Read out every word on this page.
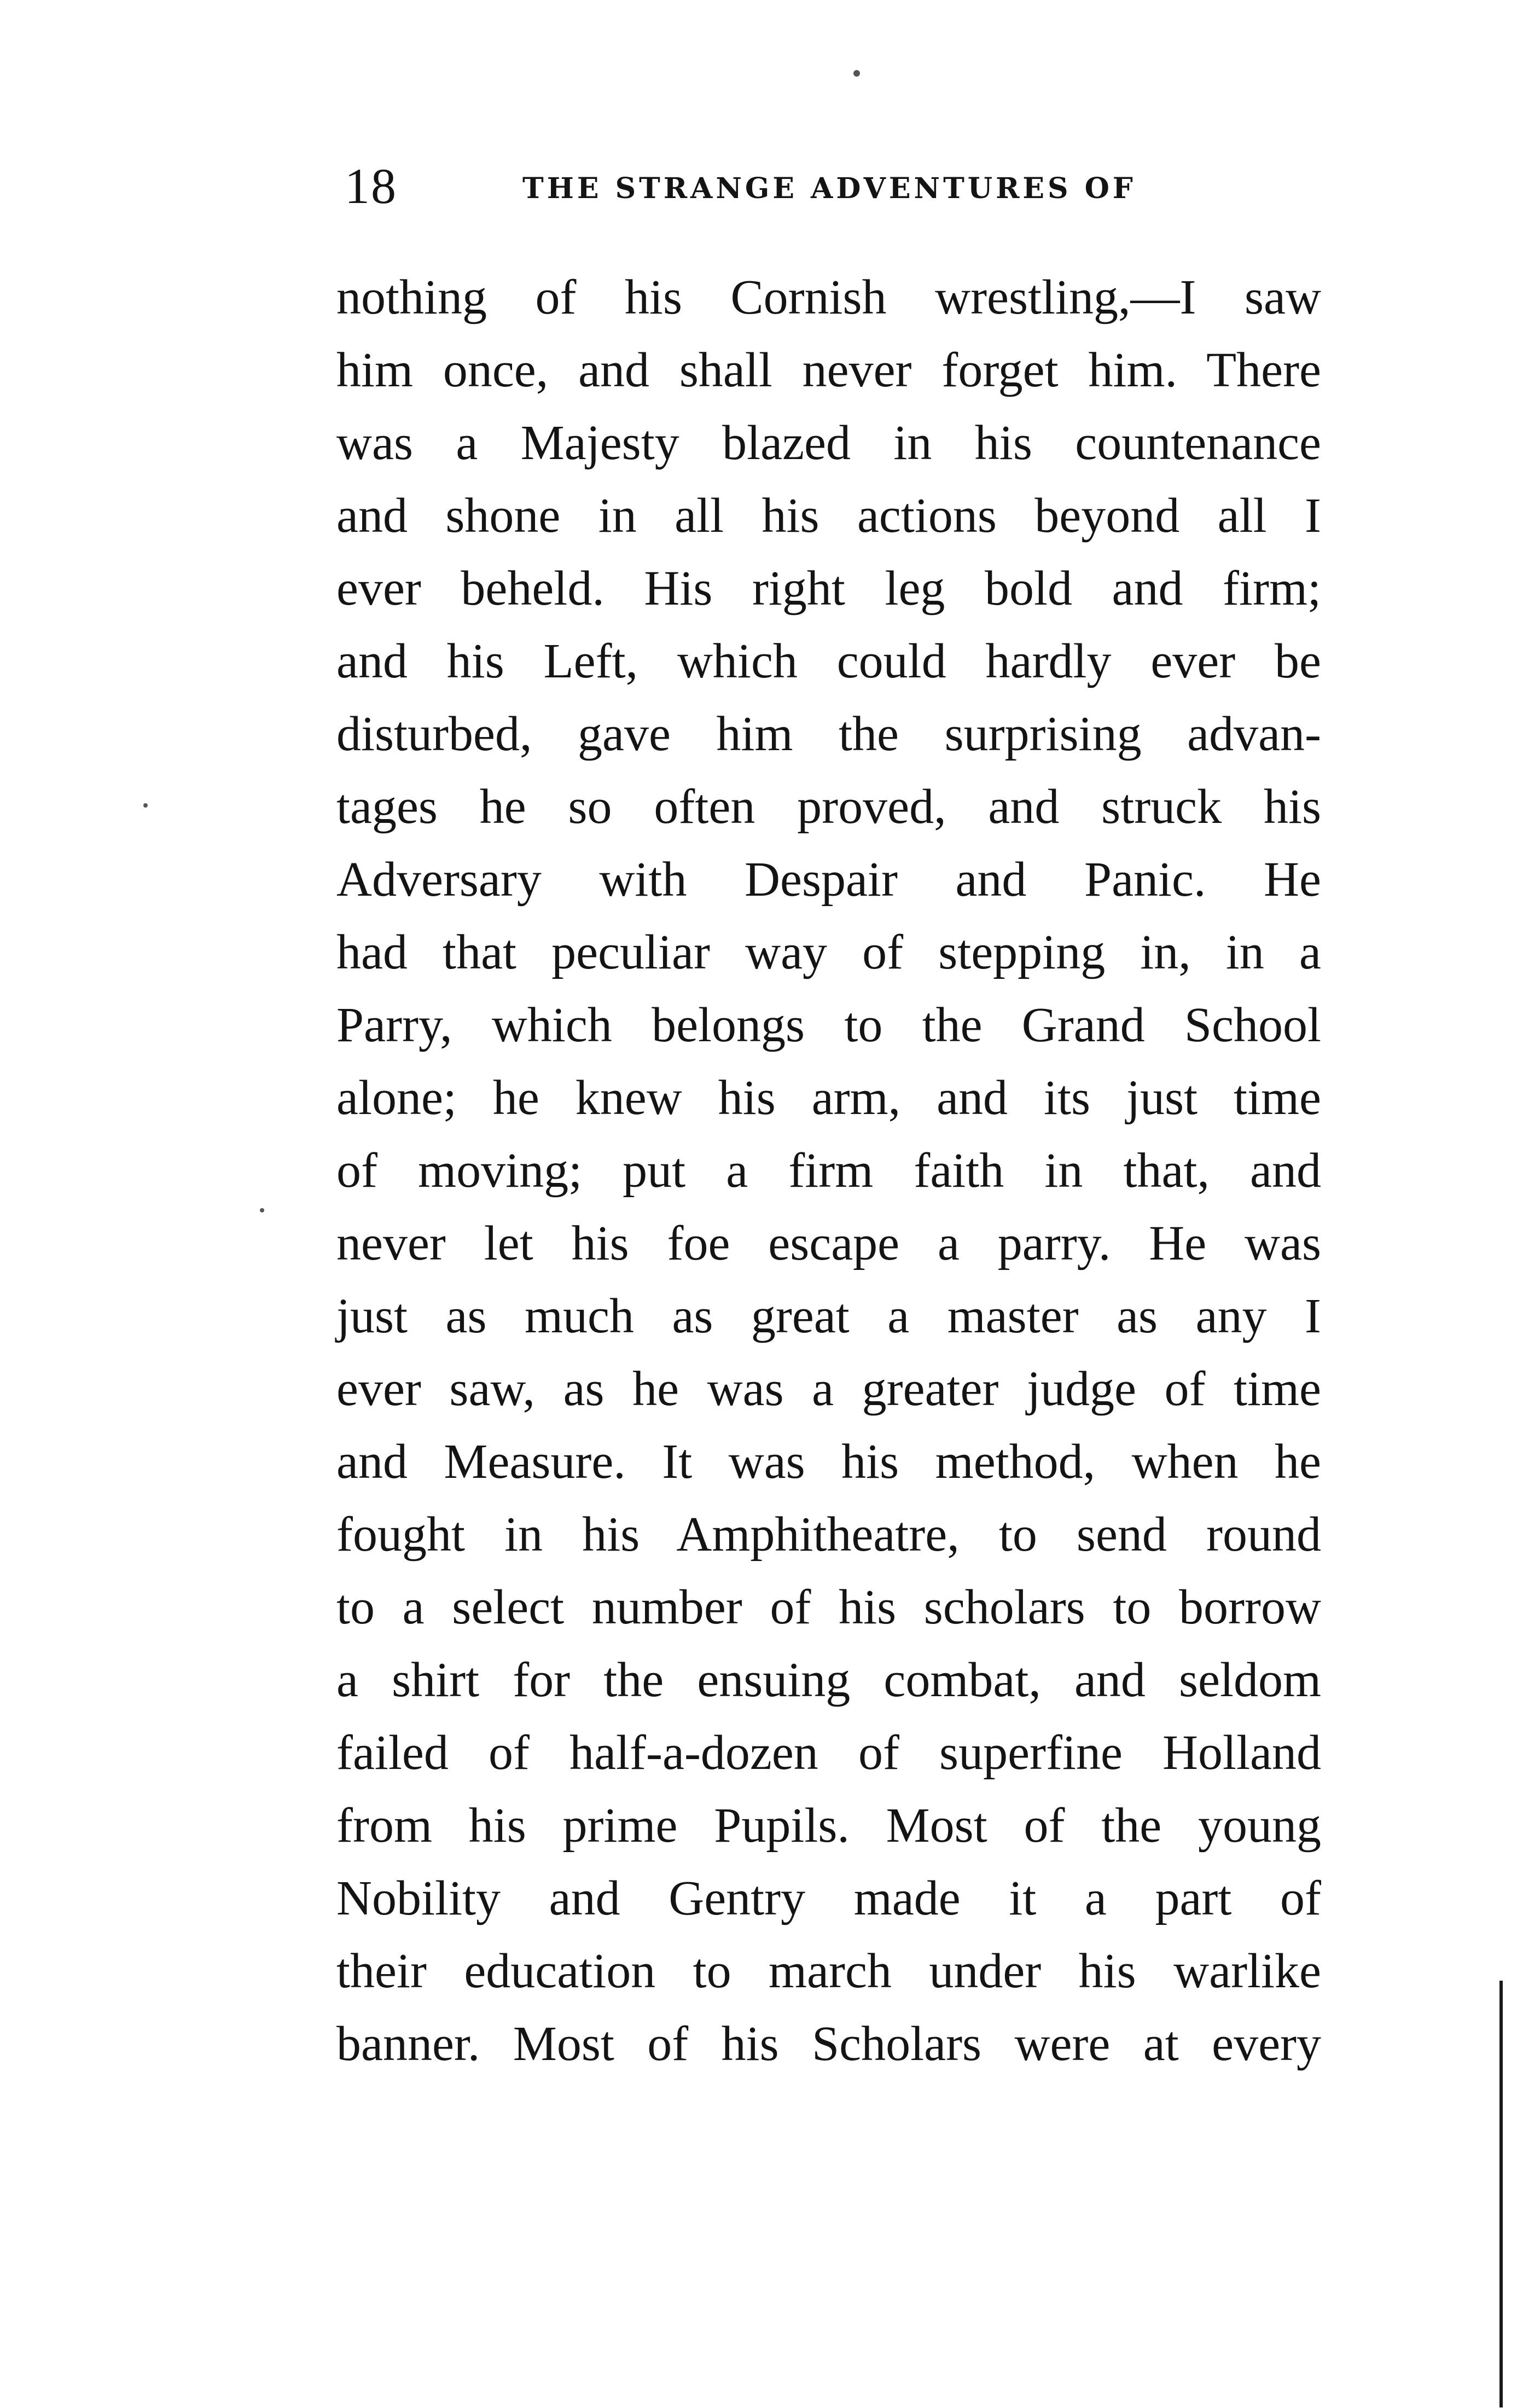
18	THE STRANGE ADVENTURES OF
nothing of his Cornish wrestling,—I saw
him once, and shall never forget him. There
was a Majesty blazed in his countenance
and shone in all his actions beyond all I
ever beheld. His right leg bold and firm;
and his Left, which could hardly ever be
disturbed, gave him the surprising advan-
tages he so often proved, and struck his
Adversary with Despair and Panic. He
had that peculiar way of stepping in, in a
Parry, which belongs to the Grand School
alone; he knew his arm, and its just time
of moving; put a firm faith in that, and
never let his foe escape a parry. He was
just as much as great a master as any I
ever saw, as he was a greater judge of time
and Measure. It was his method, when he
fought in his Amphitheatre, to send round
to a select number of his scholars to borrow
a shirt for the ensuing combat, and seldom
failed of half-a-dozen of superfine Holland
from his prime Pupils. Most of the young
Nobility and Gentry made it a part of
their education to march under his warlike
banner. Most of his Scholars were at every
